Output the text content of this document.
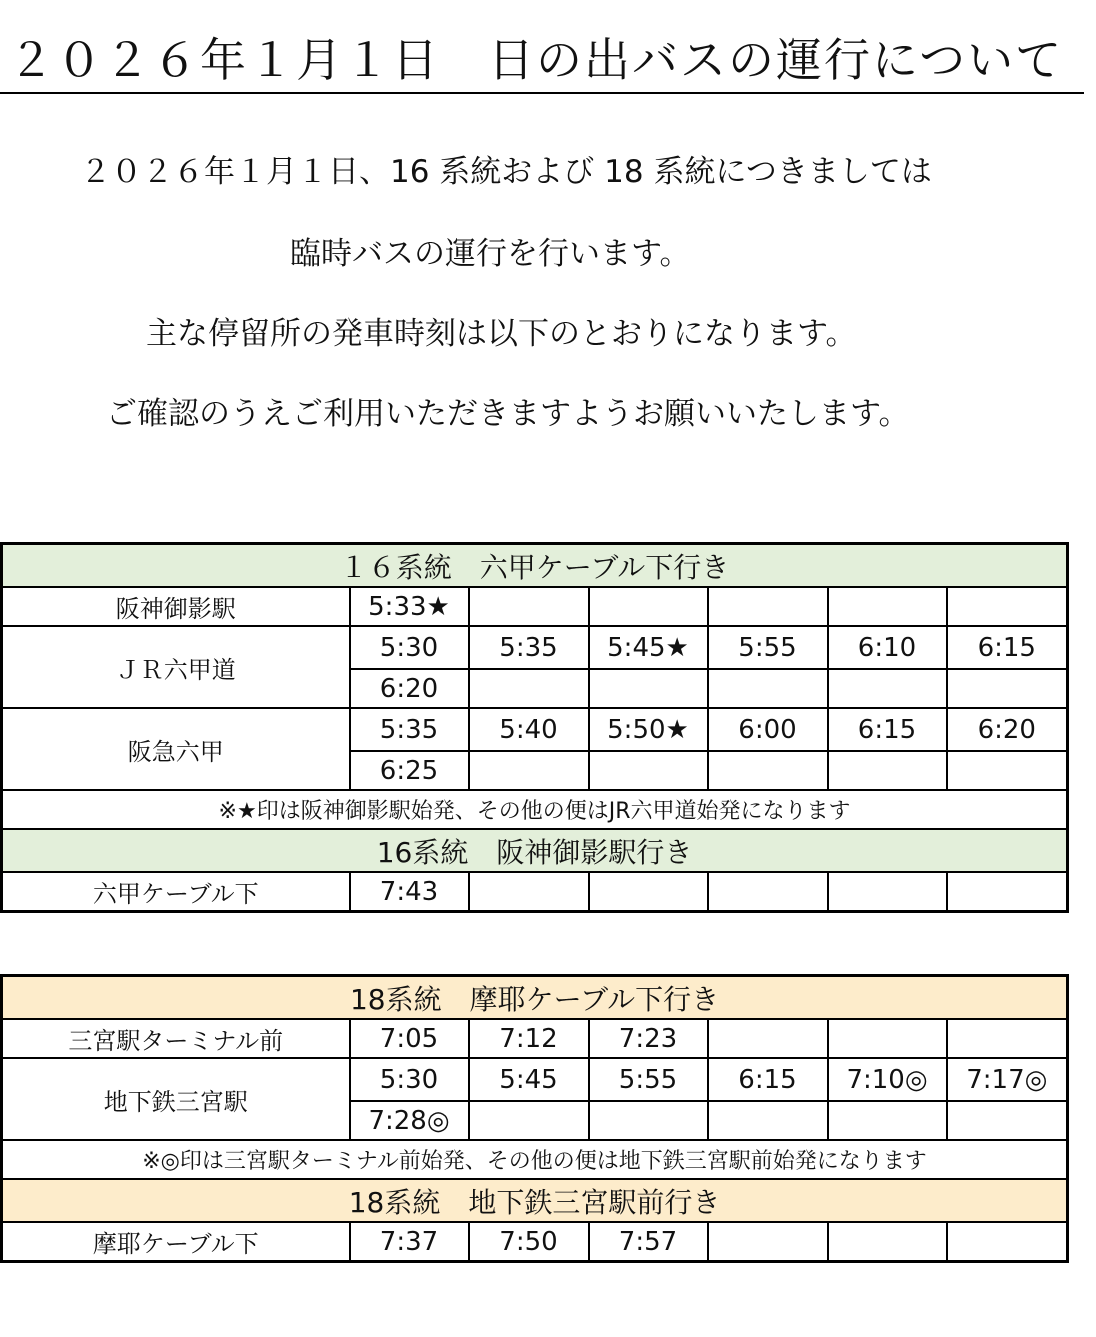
２０２６年１月１日　日の出バスの運行について
２０２６年１月１日、16 系統および 18 系統につきましては
臨時バスの運行を行います。
主な停留所の発車時刻は以下のとおりになります。
ご確認のうえご利用いただきますようお願いいたします。
１６系統　六甲ケーブル下行き						
阪神御影駅	5:33★					
ＪＲ六甲道	5:30	5:35	5:45★	5:55	6:10	6:15
	6:20					
阪急六甲	5:35	5:40	5:50★	6:00	6:15	6:20
	6:25					
※★印は阪神御影駅始発、その他の便はJR六甲道始発になります						
16系統　阪神御影駅行き						
六甲ケーブル下	7:43					
18系統　摩耶ケーブル下行き						
三宮駅ターミナル前	7:05	7:12	7:23			
地下鉄三宮駅	5:30	5:45	5:55	6:15	7:10◎	7:17◎
	7:28◎					
※◎印は三宮駅ターミナル前始発、その他の便は地下鉄三宮駅前始発になります						
18系統　地下鉄三宮駅前行き						
摩耶ケーブル下	7:37	7:50	7:57			
